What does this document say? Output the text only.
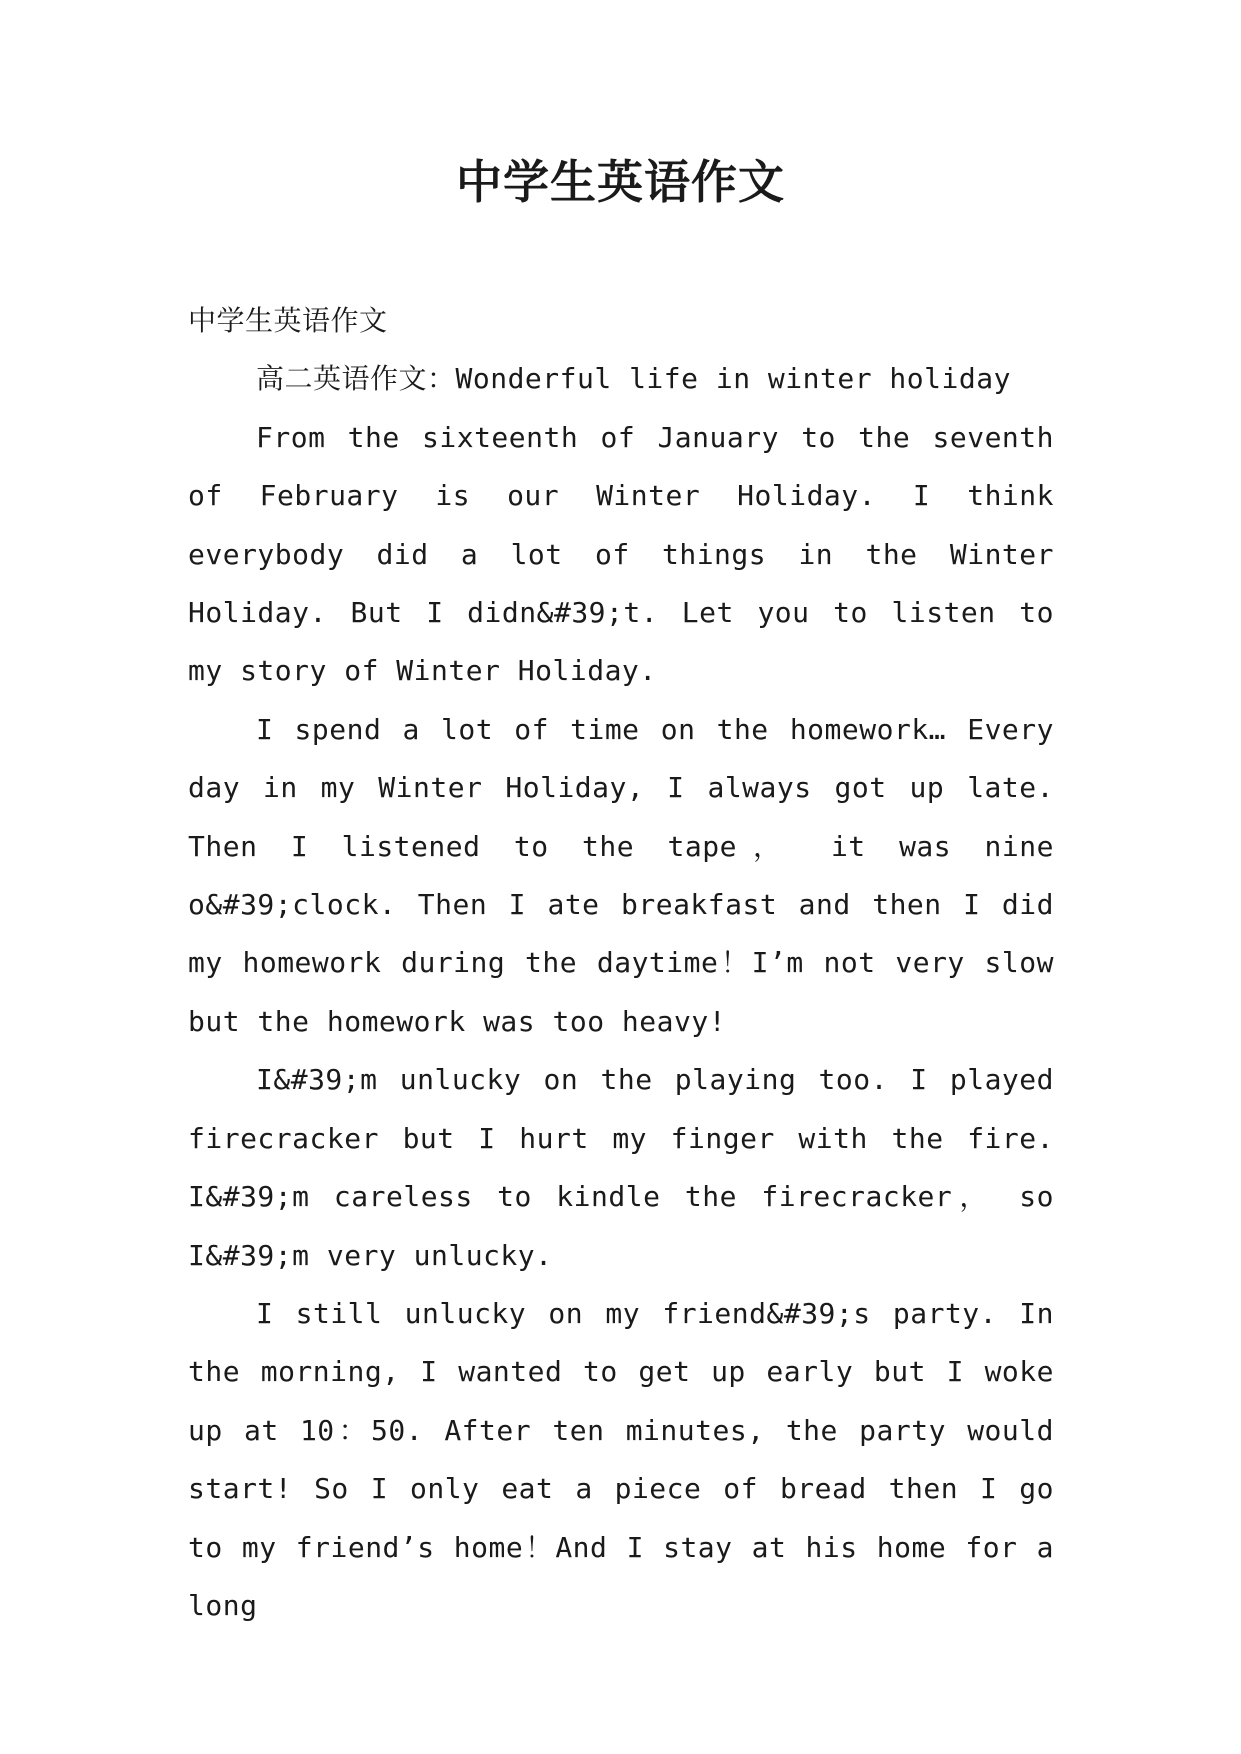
中学生英语作文

中学生英语作文

高二英语作文：Wonderful life in winter holiday

From the sixteenth of January to the seventh of February is our Winter Holiday. I think everybody did a lot of things in the Winter Holiday. But I didn&#39;t. Let you to listen to my story of Winter Holiday.

I spend a lot of time on the homework… Every day in my Winter Holiday, I always got up late. Then I listened to the tape， it was nine o&#39;clock. Then I ate breakfast and then I did my homework during the daytime！I’m not very slow but the homework was too heavy!

I&#39;m unlucky on the playing too. I played firecracker but I hurt my finger with the fire. I&#39;m careless to kindle the firecracker， so I&#39;m very unlucky.

I still unlucky on my friend&#39;s party. In the morning, I wanted to get up early but I woke up at 10：50. After ten minutes, the party would start! So I only eat a piece of bread then I go to my friend’s home！And I stay at his home for a long
